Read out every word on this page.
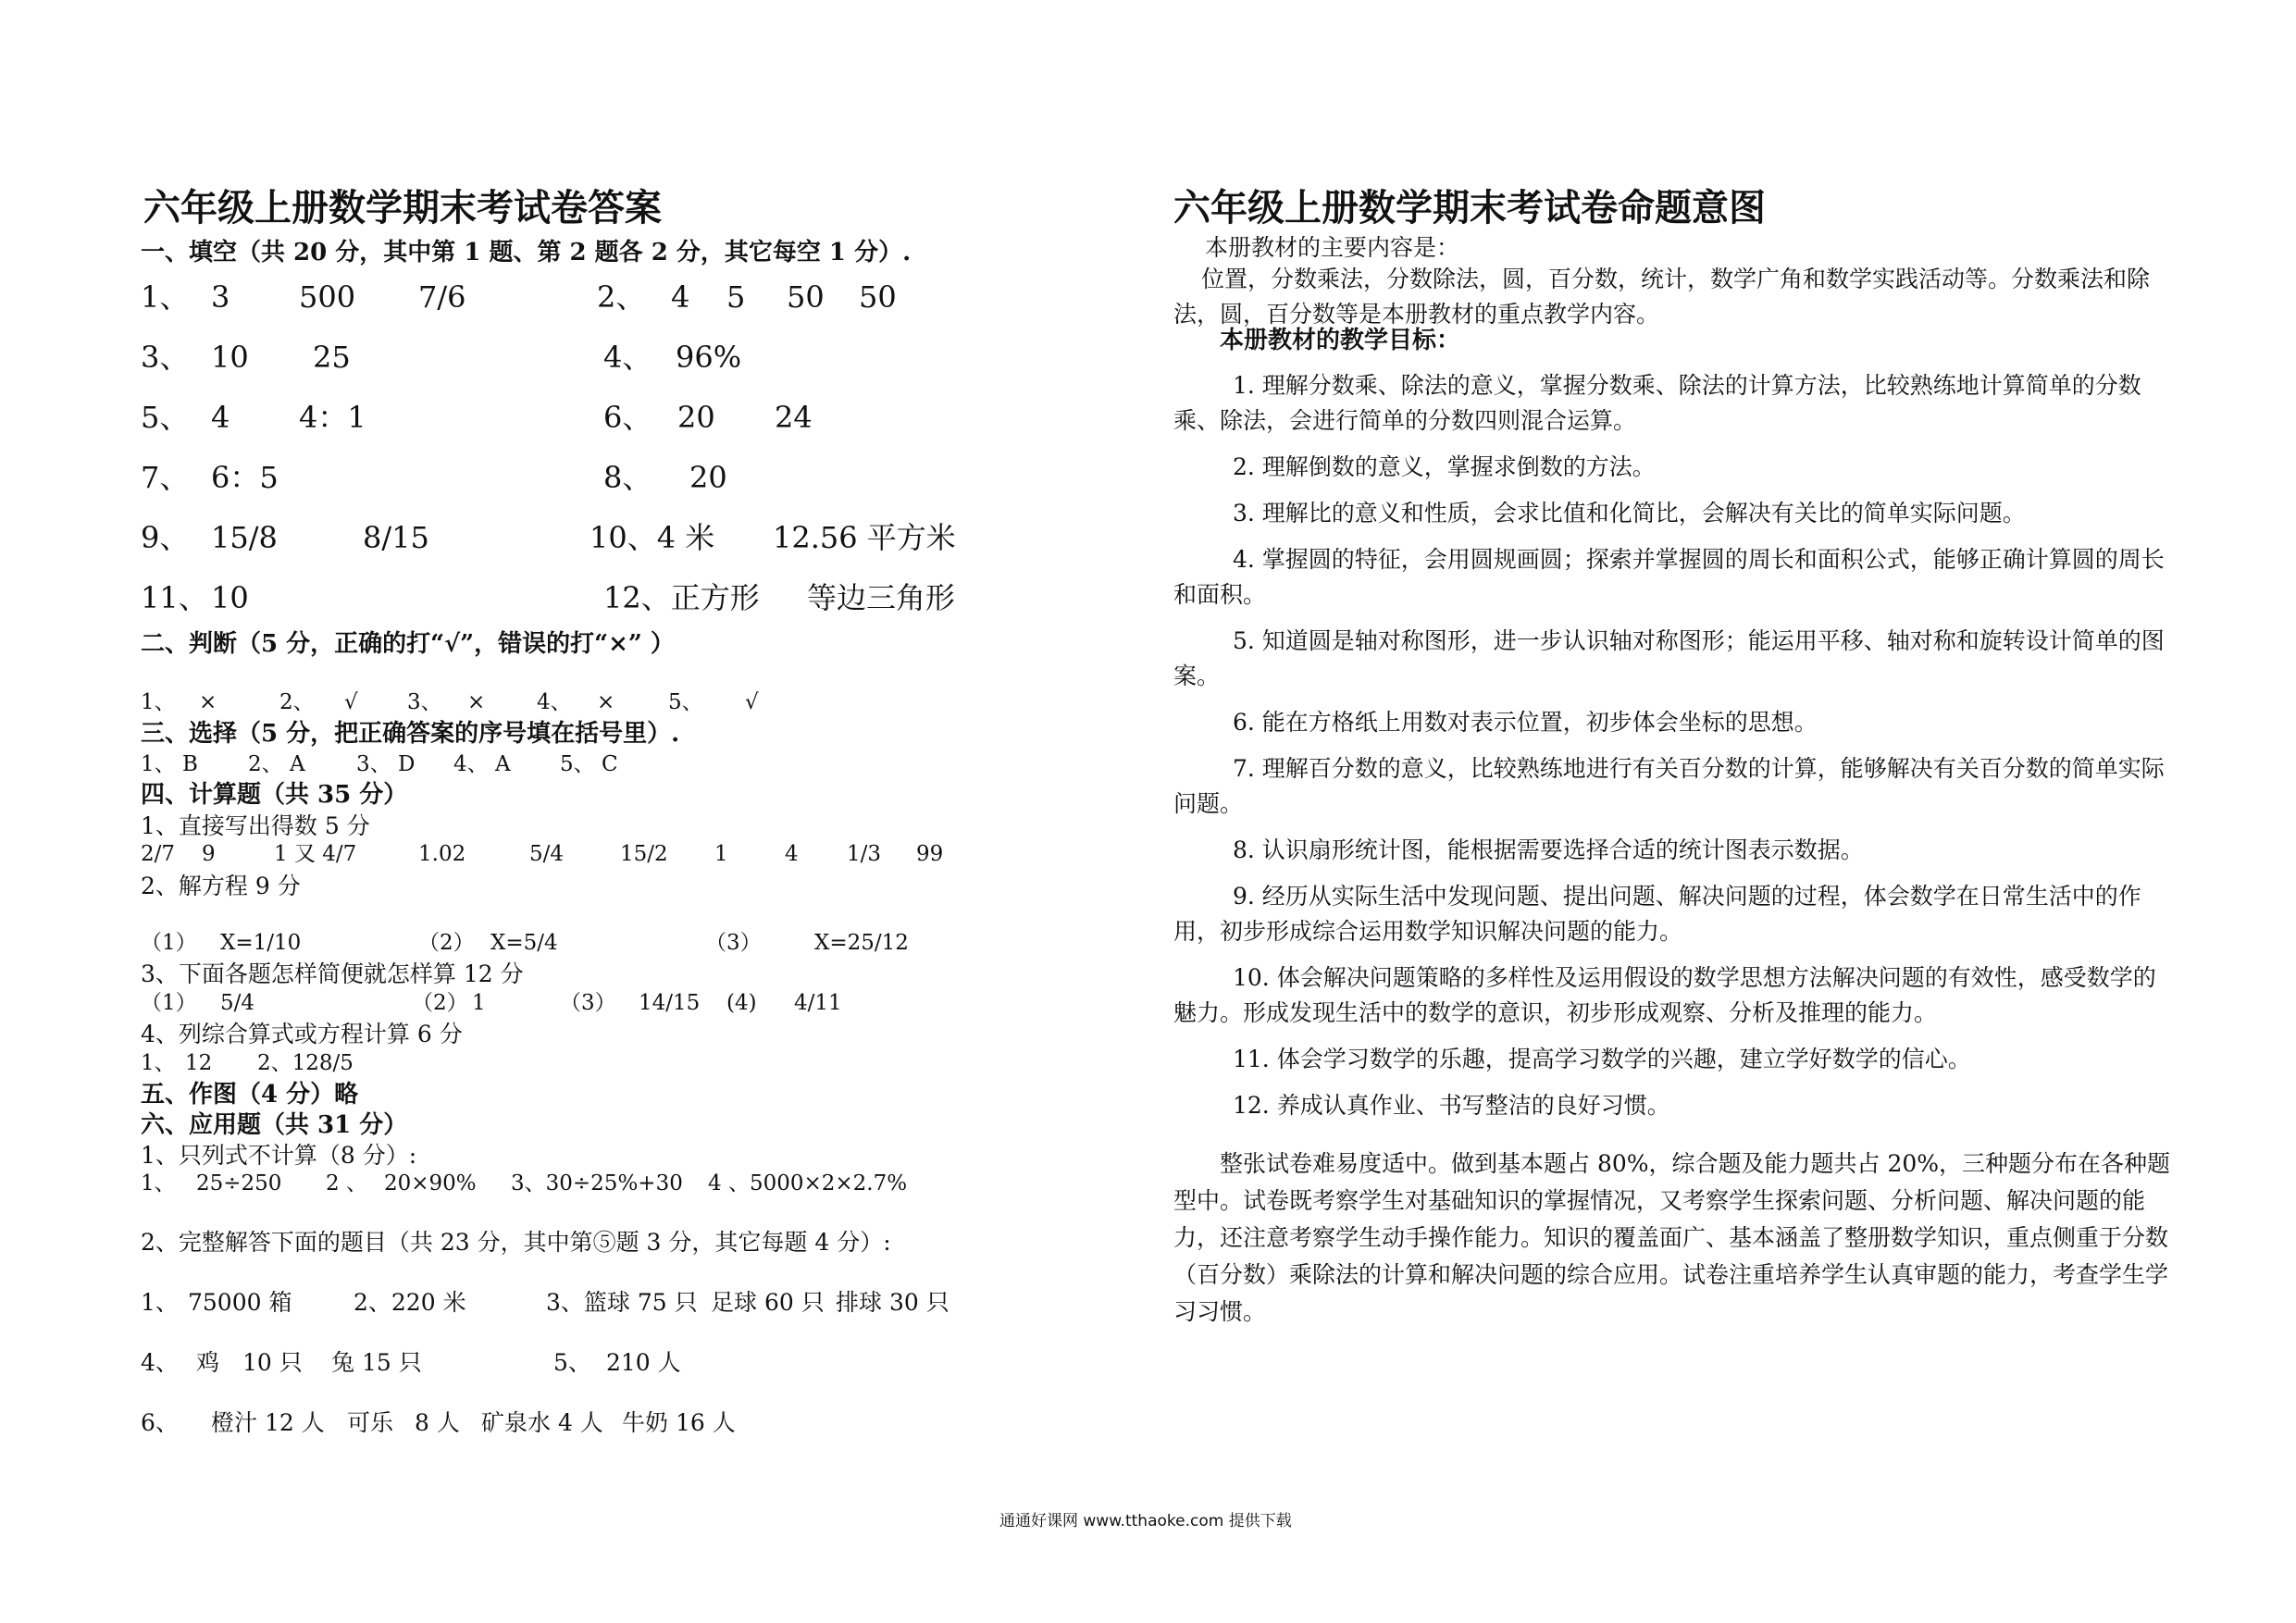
六年级上册数学期末考试卷答案
一、填空（共 20 分，其中第 1 题、第 2 题各 2 分，其它每空 1 分）.
1、 3 500 7/6	2、 4 5 50 50
3、 10 25	4、 96%
5、 4 4：1	6、 20 24
7、 6：5	8、 20
9、 15/8	8/15	10、4 米 12.56 平方米
11、 10	12、正方形 等边三角形
二、判断（5 分，正确的打“√”，错误的打“×” ）
1、 ×	2、 √ 3、 × 4、 ×	5、 √
三、选择（5 分，把正确答案的序号填在括号里）.
1、 B 2、 A 3、 D 4、 A 5、 C
四、计算题（共 35 分）
1、直接写出得数 5 分
2/7 9	1 又 4/7	1.02	5/4	15/2 1	4 1/3 99
2、解方程 9 分
（1） X=1/10	（2） X=5/4	（3） X=25/12
3、下面各题怎样简便就怎样算 12 分
（1） 5/4	（2） 1	（3） 14/15 (4) 4/11
4、列综合算式或方程计算 6 分
1、 12 2、128/5
五、作图（4 分）略
六、应用题（共 31 分）
1、只列式不计算（8 分）:
1、 25÷250 2 、 20×90% 3、30÷25%+30 4 、5000×2×2.7%
2、完整解答下面的题目（共 23 分，其中第⑤题 3 分，其它每题 4 分）:
1、 75000 箱	2、220 米	3、篮球 75 只 足球 60 只 排球 30 只
4、 鸡 10 只 兔 15 只	5、 210 人
6、 橙汁 12 人 可乐 8 人 矿泉水 4 人 牛奶 16 人
六年级上册数学期末考试卷命题意图
本册教材的主要内容是：
位置，分数乘法，分数除法，圆，百分数，统计，数学广角和数学实践活动等。分数乘法和除法，圆，百分数等是本册教材的重点教学内容。
本册教材的教学目标：
1. 理解分数乘、除法的意义，掌握分数乘、除法的计算方法，比较熟练地计算简单的分数乘、除法，会进行简单的分数四则混合运算。
2. 理解倒数的意义，掌握求倒数的方法。
3. 理解比的意义和性质，会求比值和化简比，会解决有关比的简单实际问题。
4. 掌握圆的特征，会用圆规画圆；探索并掌握圆的周长和面积公式，能够正确计算圆的周长和面积。
5. 知道圆是轴对称图形，进一步认识轴对称图形；能运用平移、轴对称和旋转设计简单的图案。
6. 能在方格纸上用数对表示位置，初步体会坐标的思想。
7. 理解百分数的意义，比较熟练地进行有关百分数的计算，能够解决有关百分数的简单实际问题。
8. 认识扇形统计图，能根据需要选择合适的统计图表示数据。
9. 经历从实际生活中发现问题、提出问题、解决问题的过程，体会数学在日常生活中的作用，初步形成综合运用数学知识解决问题的能力。
10. 体会解决问题策略的多样性及运用假设的数学思想方法解决问题的有效性，感受数学的魅力。形成发现生活中的数学的意识，初步形成观察、分析及推理的能力。
11. 体会学习数学的乐趣，提高学习数学的兴趣，建立学好数学的信心。
12. 养成认真作业、书写整洁的良好习惯。
整张试卷难易度适中。做到基本题占 80%，综合题及能力题共占 20%，三种题分布在各种题型中。试卷既考察学生对基础知识的掌握情况，又考察学生探索问题、分析问题、解决问题的能力，还注意考察学生动手操作能力。知识的覆盖面广、基本涵盖了整册数学知识，重点侧重于分数（百分数）乘除法的计算和解决问题的综合应用。试卷注重培养学生认真审题的能力，考查学生学习习惯。
通通好课网 www.tthaoke.com 提供下载
